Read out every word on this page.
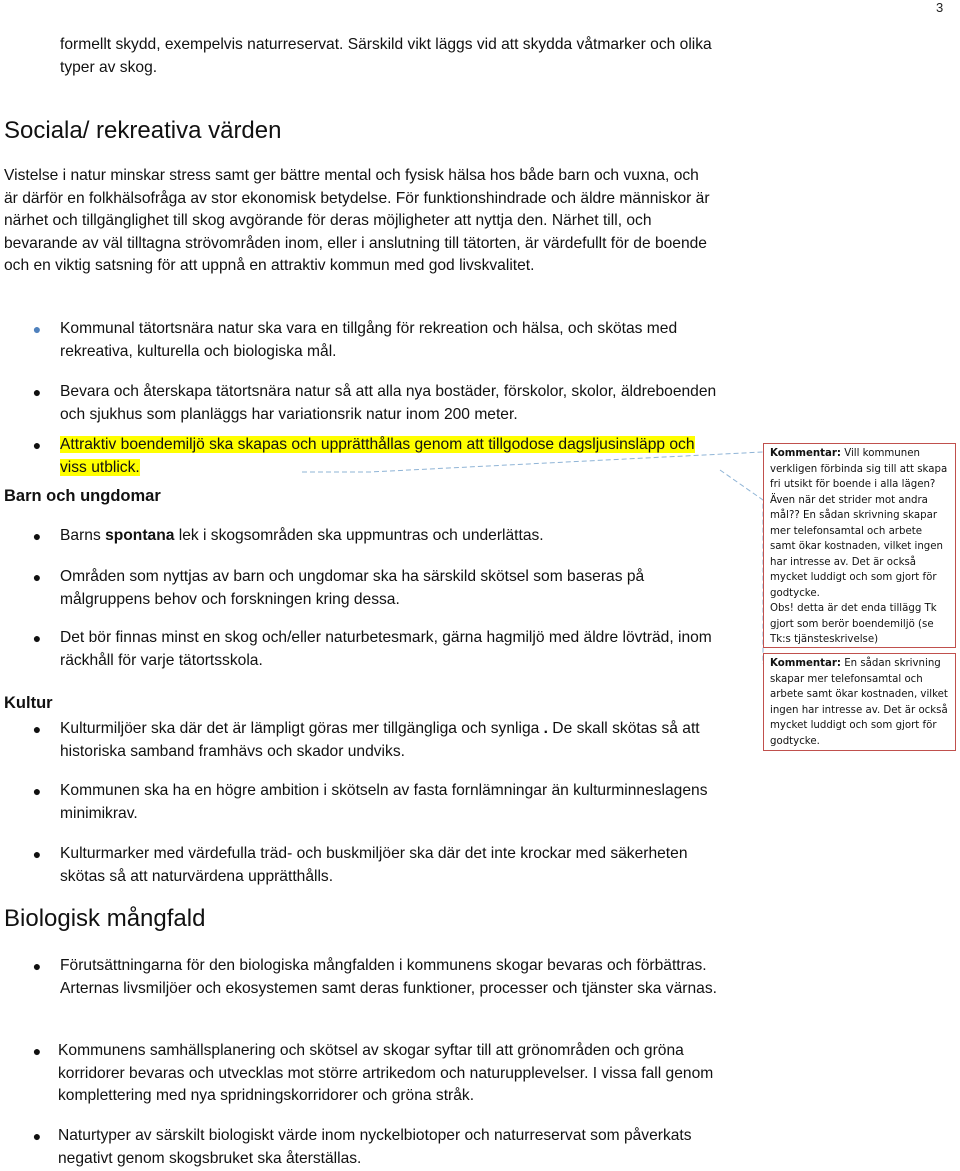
3

formellt skydd, exempelvis naturreservat. Särskild vikt läggs vid att skydda våtmarker och olika typer av skog.

Sociala/ rekreativa värden

Vistelse i natur minskar stress samt ger bättre mental och fysisk hälsa hos både barn och vuxna, och är därför en folkhälsofråga av stor ekonomisk betydelse. För funktionshindrade och äldre människor är närhet och tillgänglighet till skog avgörande för deras möjligheter att nyttja den. Närhet till, och bevarande av väl tilltagna strövområden inom, eller i anslutning till tätorten, är värdefullt för de boende och en viktig satsning för att uppnå en attraktiv kommun med god livskvalitet.

●	Kommunal tätortsnära natur ska vara en tillgång för rekreation och hälsa, och skötas med rekreativa, kulturella och biologiska mål.
●	Bevara och återskapa tätortsnära natur så att alla nya bostäder, förskolor, skolor, äldreboenden och sjukhus som planläggs har variationsrik natur inom 200 meter.
●	Attraktiv boendemiljö ska skapas och upprätthållas genom att tillgodose dagsljusinsläpp och viss utblick.
Barn och ungdomar
●	Barns spontana lek i skogsområden ska uppmuntras och underlättas.
●	Områden som nyttjas av barn och ungdomar ska ha särskild skötsel som baseras på målgruppens behov och forskningen kring dessa.
●	Det bör finnas minst en skog och/eller naturbetesmark, gärna hagmiljö med äldre lövträd, inom räckhåll för varje tätortsskola.
Kultur
●	Kulturmiljöer ska där det är lämpligt göras mer tillgängliga och synliga . De skall skötas så att historiska samband framhävs och skador undviks.
●	Kommunen ska ha en högre ambition i skötseln av fasta fornlämningar än kulturminneslagens minimikrav.
●	Kulturmarker med värdefulla träd- och buskmiljöer ska där det inte krockar med säkerheten skötas så att naturvärdena upprätthålls.
Biologisk mångfald
●	Förutsättningarna för den biologiska mångfalden i kommunens skogar bevaras och förbättras. Arternas livsmiljöer och ekosystemen samt deras funktioner, processer och tjänster ska värnas.
●	Kommunens samhällsplanering och skötsel av skogar syftar till att grönområden och gröna korridorer bevaras och utvecklas mot större artrikedom och naturupplevelser. I vissa fall genom komplettering med nya spridningskorridorer och gröna stråk.
●	Naturtyper av särskilt biologiskt värde inom nyckelbiotoper och naturreservat som påverkats negativt genom skogsbruket ska återställas.
Kommentar: Vill kommunen verkligen förbinda sig till att skapa fri utsikt för boende i alla lägen? Även när det strider mot andra mål?? En sådan skrivning skapar mer telefonsamtal och arbete samt ökar kostnaden, vilket ingen har intresse av. Det är också mycket luddigt och som gjort för godtycke.
Obs! detta är det enda tillägg Tk gjort som berör boendemiljö (se Tk:s tjänsteskrivelse)
Kommentar: En sådan skrivning skapar mer telefonsamtal och arbete samt ökar kostnaden, vilket ingen har intresse av. Det är också mycket luddigt och som gjort för godtycke.
